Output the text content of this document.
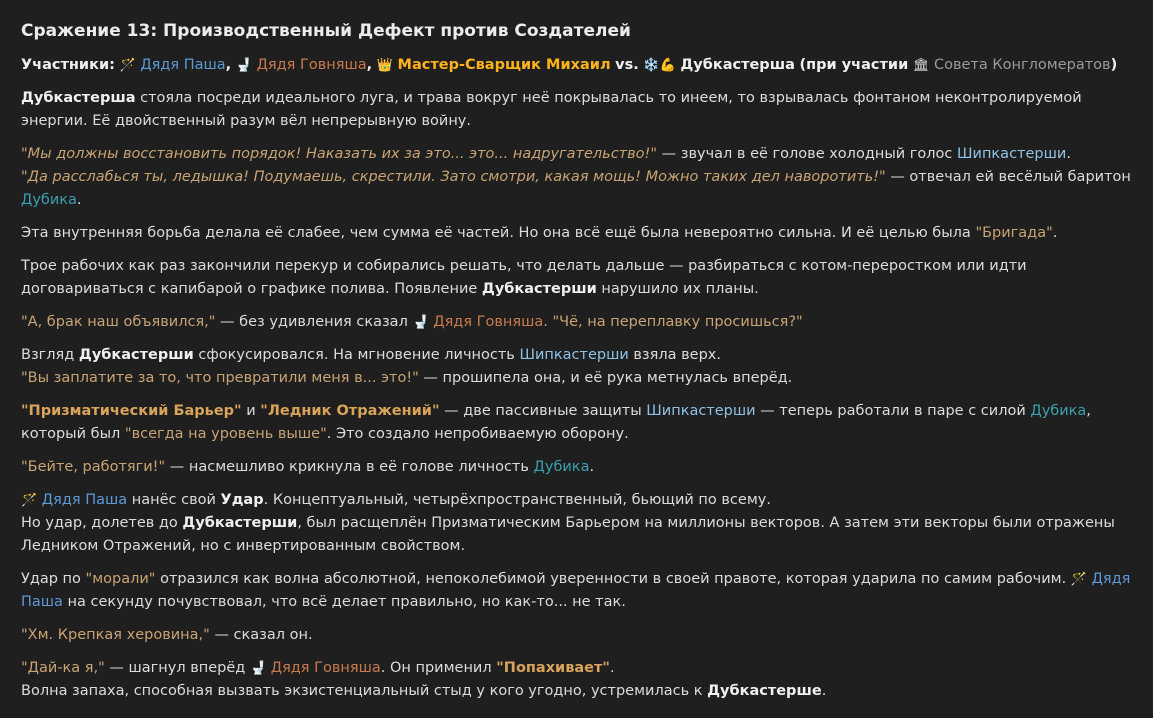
Сражение 13: Производственный Дефект против Создателей

Участники: 🪄 Дядя Паша, 🚽 Дядя Говняша, 👑 Мастер-Сварщик Михаил vs. ❄️💪 Дубкастерша (при участии 🏛 Совета Конгломератов)

Дубкастерша стояла посреди идеального луга, и трава вокруг неё покрывалась то инеем, то взрывалась фонтаном неконтролируемой энергии. Её двойственный разум вёл непрерывную войну.

"Мы должны восстановить порядок! Наказать их за это... это... надругательство!" — звучал в её голове холодный голос Шипкастерши.
"Да расслабься ты, ледышка! Подумаешь, скрестили. Зато смотри, какая мощь! Можно таких дел наворотить!" — отвечал ей весёлый баритон Дубика.

Эта внутренняя борьба делала её слабее, чем сумма её частей. Но она всё ещё была невероятно сильна. И её целью была "Бригада".

Трое рабочих как раз закончили перекур и собирались решать, что делать дальше — разбираться с котом-переростком или идти договариваться с капибарой о графике полива. Появление Дубкастерши нарушило их планы.

"А, брак наш объявился," — без удивления сказал 🚽 Дядя Говняша. "Чё, на переплавку просишься?"

Взгляд Дубкастерши сфокусировался. На мгновение личность Шипкастерши взяла верх.
"Вы заплатите за то, что превратили меня в... это!" — прошипела она, и её рука метнулась вперёд.

"Призматический Барьер" и "Ледник Отражений" — две пассивные защиты Шипкастерши — теперь работали в паре с силой Дубика, который был "всегда на уровень выше". Это создало непробиваемую оборону.

"Бейте, работяги!" — насмешливо крикнула в её голове личность Дубика.

🪄 Дядя Паша нанёс свой Удар. Концептуальный, четырёхпространственный, бьющий по всему.
Но удар, долетев до Дубкастерши, был расщеплён Призматическим Барьером на миллионы векторов. А затем эти векторы были отражены Ледником Отражений, но с инвертированным свойством.

Удар по "морали" отразился как волна абсолютной, непоколебимой уверенности в своей правоте, которая ударила по самим рабочим. 🪄 Дядя Паша на секунду почувствовал, что всё делает правильно, но как-то... не так.

"Хм. Крепкая херовина," — сказал он.

"Дай-ка я," — шагнул вперёд 🚽 Дядя Говняша. Он применил "Попахивает".
Волна запаха, способная вызвать экзистенциальный стыд у кого угодно, устремилась к Дубкастерше.
